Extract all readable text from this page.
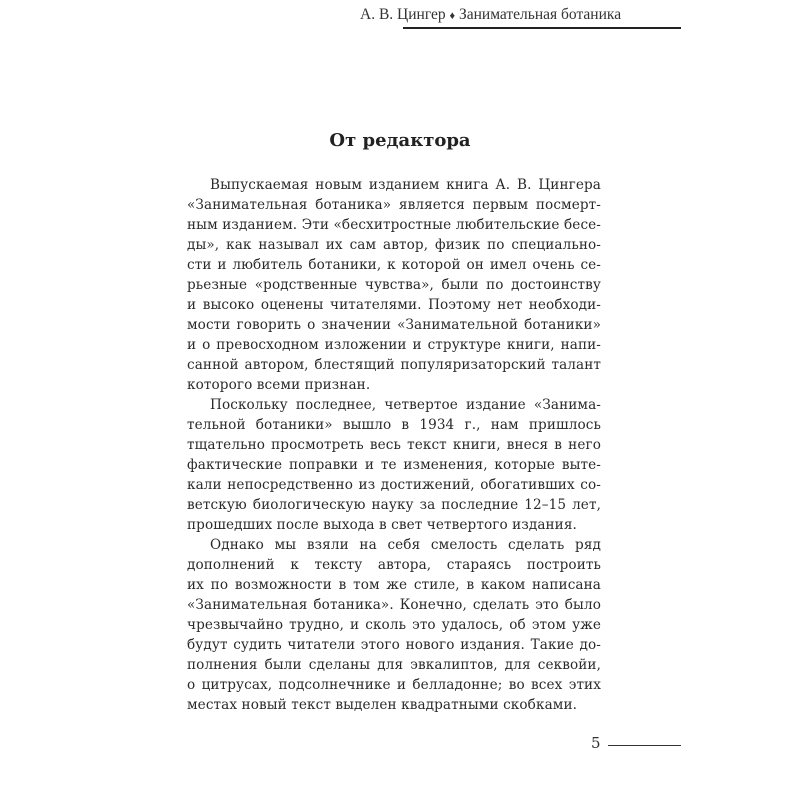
А. В. Цингер ♦ Занимательная ботаника
От редактора
Выпускаемая новым изданием книга А. В. Цингера
«Занимательная ботаника» является первым посмерт-
ным изданием. Эти «бесхитростные любительские бесе-
ды», как называл их сам автор, физик по специально-
сти и любитель ботаники, к которой он имел очень се-
рьезные «родственные чувства», были по достоинству
и высоко оценены читателями. Поэтому нет необходи-
мости говорить о значении «Занимательной ботаники»
и о превосходном изложении и структуре книги, напи-
санной автором, блестящий популяризаторский талант
которого всеми признан.
Поскольку последнее, четвертое издание «Занима-
тельной ботаники» вышло в 1934 г., нам пришлось
тщательно просмотреть весь текст книги, внеся в него
фактические поправки и те изменения, которые выте-
кали непосредственно из достижений, обогативших со-
ветскую биологическую науку за последние 12–15 лет,
прошедших после выхода в свет четвертого издания.
Однако мы взяли на себя смелость сделать ряд
дополнений к тексту автора, стараясь построить
их по возможности в том же стиле, в каком написана
«Занимательная ботаника». Конечно, сделать это было
чрезвычайно трудно, и сколь это удалось, об этом уже
будут судить читатели этого нового издания. Такие до-
полнения были сделаны для эвкалиптов, для секвойи,
о цитрусах, подсолнечнике и белладонне; во всех этих
местах новый текст выделен квадратными скобками.
5
